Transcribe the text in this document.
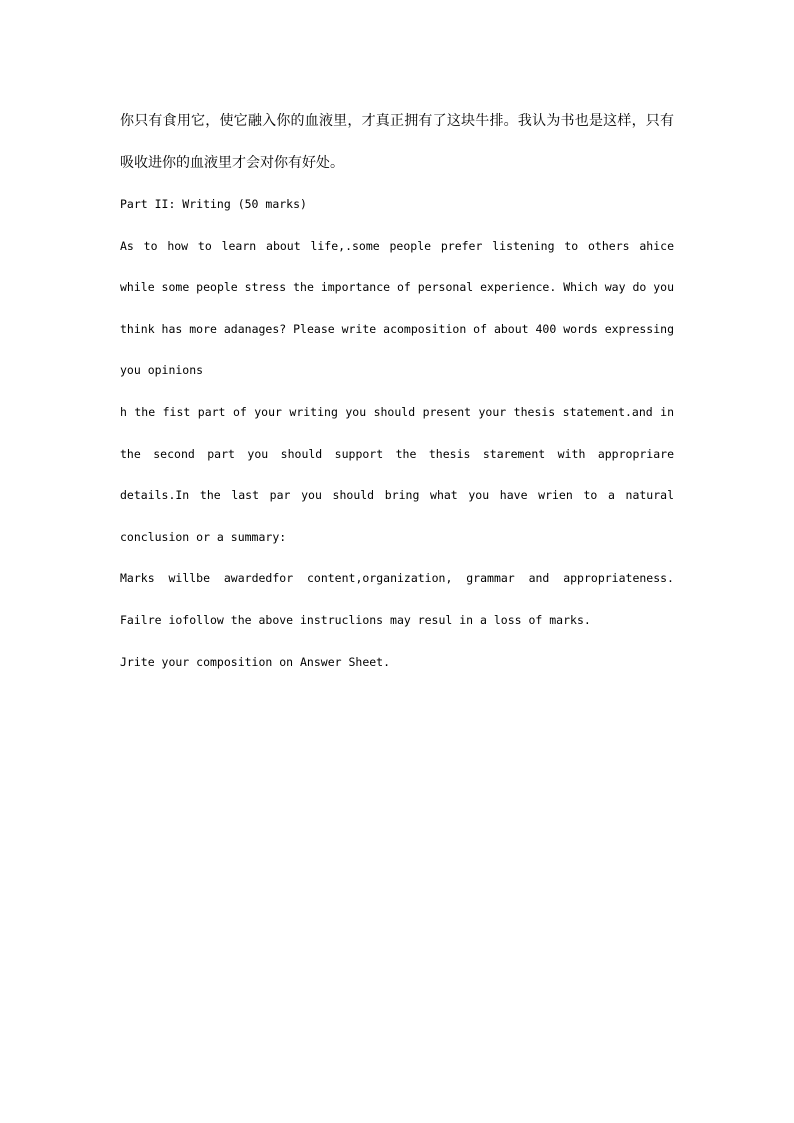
你只有食用它，使它融入你的血液里，才真正拥有了这块牛排。我认为书也是这样，只有

吸收进你的血液里才会对你有好处。

Part II: Writing (50 marks)

As to how to learn about life,.some people prefer listening to others ahice while some people stress the importance of personal experience. Which way do you think has more adanages? Please write acomposition of about 400 words expressing you opinions

h the fist part of your writing you should present your thesis statement.and in the second part you should support the thesis starement with appropriare details.In the last par you should bring what you have wrien to a natural conclusion or a summary:

Marks willbe awardedfor content,organization, grammar and appropriateness. Failre iofollow the above instruclions may resul in a loss of marks.

Jrite your composition on Answer Sheet.
